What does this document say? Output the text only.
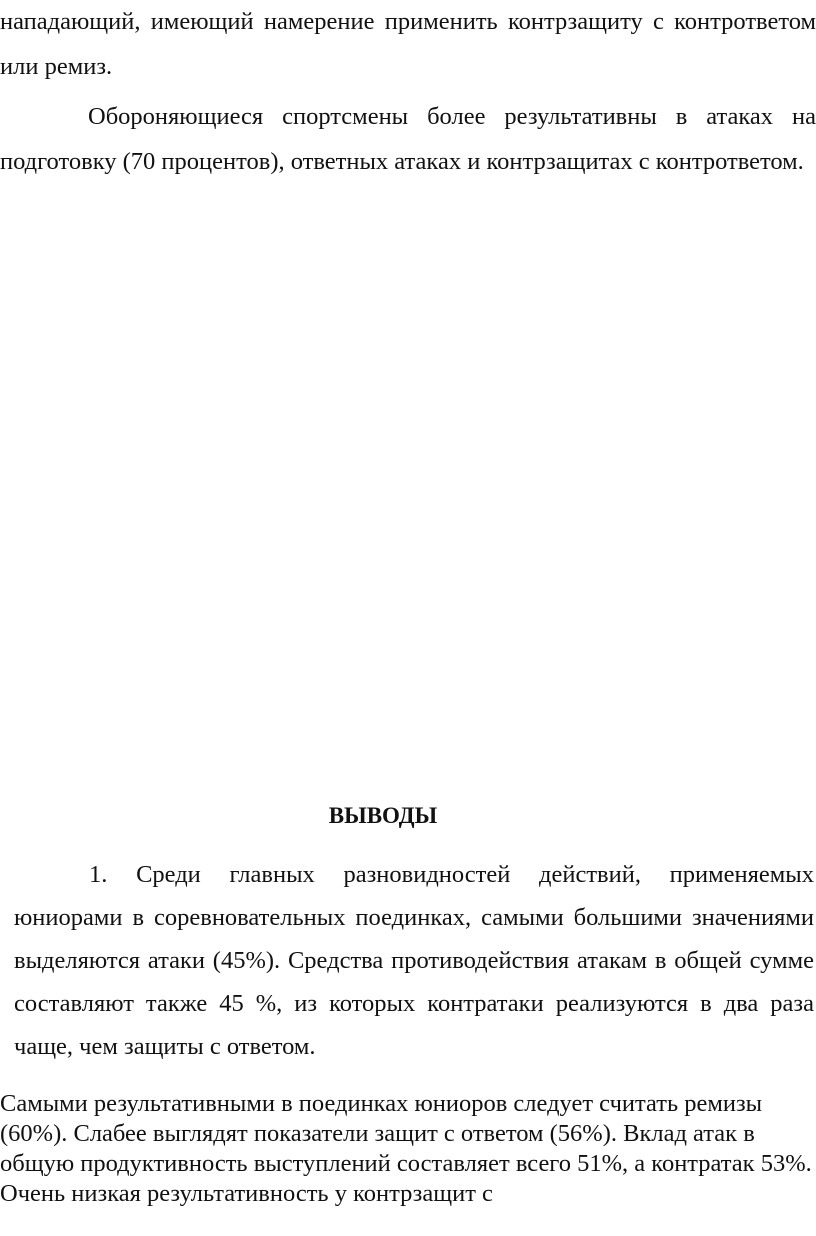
нападающий, имеющий намерение применить контрзащиту с контрответом или ремиз.
Обороняющиеся спортсмены более результативны в атаках на подготовку (70 процентов), ответных атаках и контрзащитах с контрответом.
ВЫВОДЫ
1. Среди главных разновидностей действий, применяемых юниорами в соревновательных поединках, самыми большими значениями выделяются атаки (45%). Средства противодействия атакам в общей сумме составляют также 45 %, из которых контратаки реализуются в два раза чаще, чем защиты с ответом.
Самыми результативными в поединках юниоров следует считать ремизы (60%). Слабее выглядят показатели защит с ответом (56%). Вклад атак в общую продуктивность выступлений составляет всего 51%, а контратак 53%. Очень низкая результативность у контрзащит с
